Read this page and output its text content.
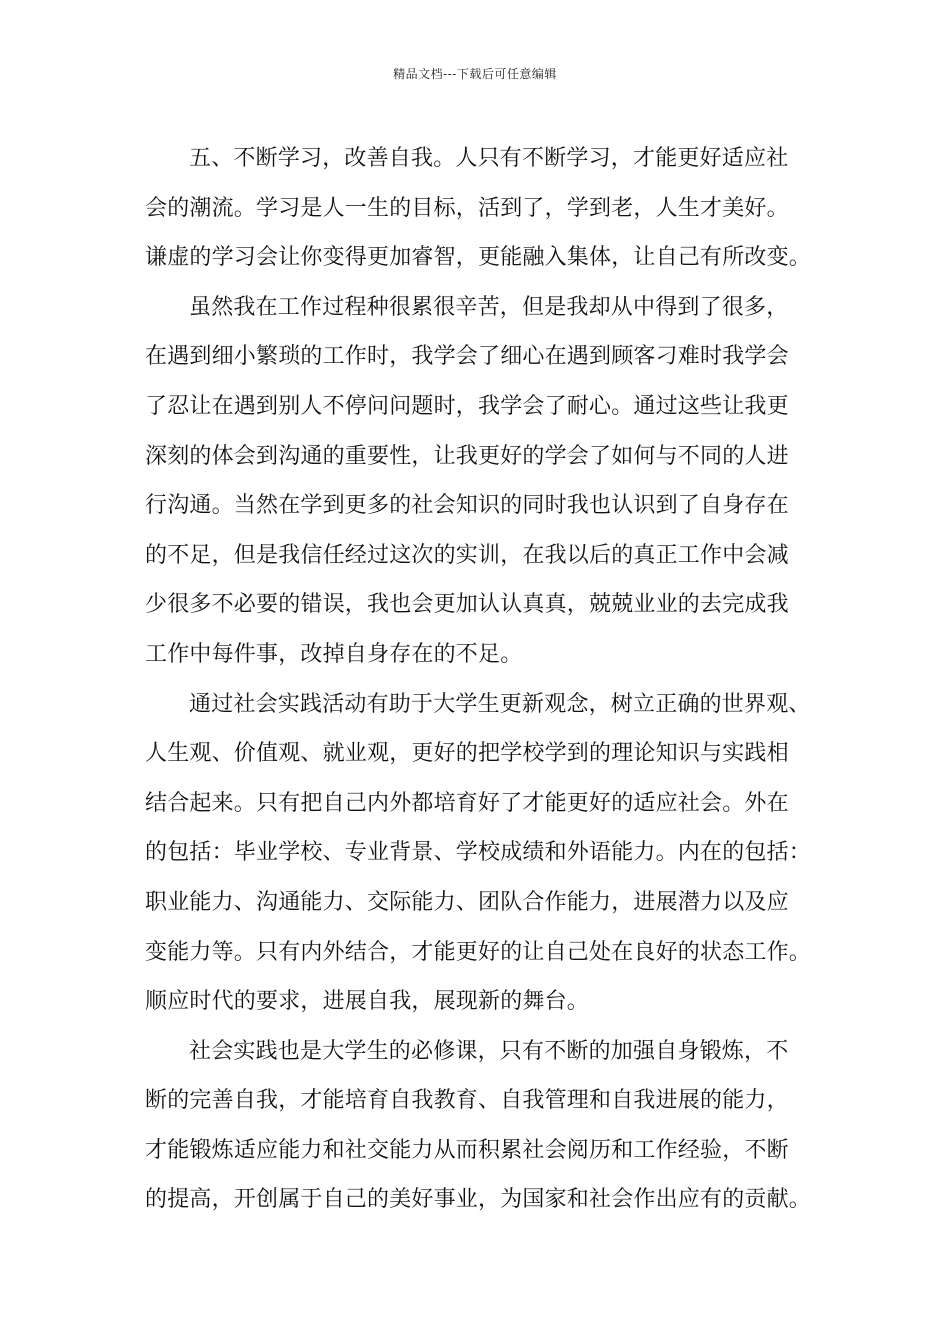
精品文档---下载后可任意编辑
五、不断学习，改善自我。人只有不断学习，才能更好适应社
会的潮流。学习是人一生的目标，活到了，学到老，人生才美好。
谦虚的学习会让你变得更加睿智，更能融入集体，让自己有所改变。
虽然我在工作过程种很累很辛苦，但是我却从中得到了很多，
在遇到细小繁琐的工作时，我学会了细心在遇到顾客刁难时我学会
了忍让在遇到别人不停问问题时，我学会了耐心。通过这些让我更
深刻的体会到沟通的重要性，让我更好的学会了如何与不同的人进
行沟通。当然在学到更多的社会知识的同时我也认识到了自身存在
的不足，但是我信任经过这次的实训，在我以后的真正工作中会减
少很多不必要的错误，我也会更加认认真真，兢兢业业的去完成我
工作中每件事，改掉自身存在的不足。
通过社会实践活动有助于大学生更新观念，树立正确的世界观、
人生观、价值观、就业观，更好的把学校学到的理论知识与实践相
结合起来。只有把自己内外都培育好了才能更好的适应社会。外在
的包括：毕业学校、专业背景、学校成绩和外语能力。内在的包括：
职业能力、沟通能力、交际能力、团队合作能力，进展潜力以及应
变能力等。只有内外结合，才能更好的让自己处在良好的状态工作。
顺应时代的要求，进展自我，展现新的舞台。
社会实践也是大学生的必修课，只有不断的加强自身锻炼，不
断的完善自我，才能培育自我教育、自我管理和自我进展的能力，
才能锻炼适应能力和社交能力从而积累社会阅历和工作经验，不断
的提高，开创属于自己的美好事业，为国家和社会作出应有的贡献。
